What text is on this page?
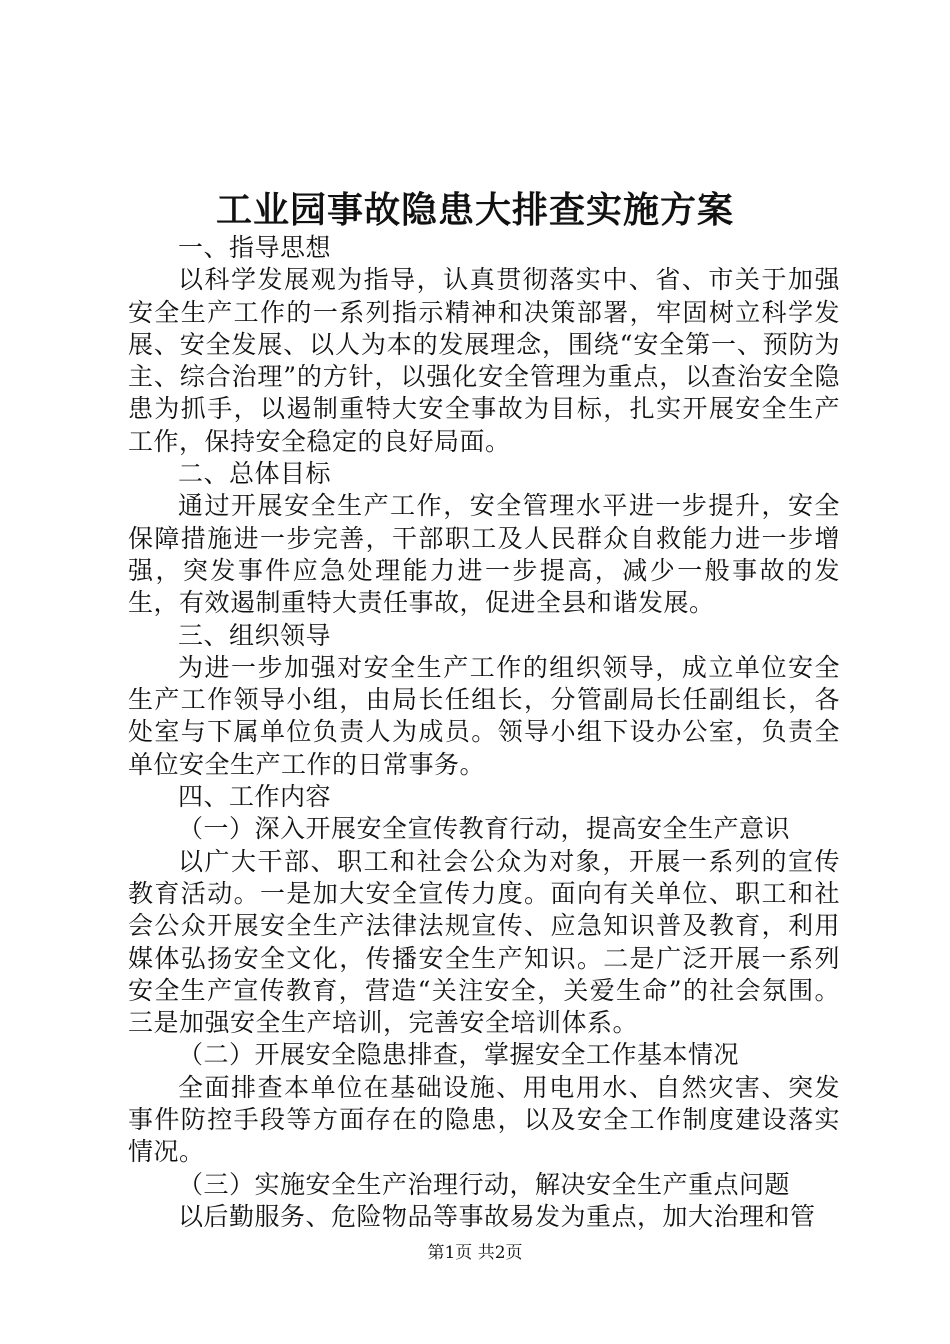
工业园事故隐患大排查实施方案

一、指导思想

以科学发展观为指导，认真贯彻落实中、省、市关于加强安全生产工作的一系列指示精神和决策部署，牢固树立科学发展、安全发展、以人为本的发展理念，围绕“安全第一、预防为主、综合治理”的方针，以强化安全管理为重点，以查治安全隐患为抓手，以遏制重特大安全事故为目标，扎实开展安全生产工作，保持安全稳定的良好局面。

二、总体目标

通过开展安全生产工作，安全管理水平进一步提升，安全保障措施进一步完善，干部职工及人民群众自救能力进一步增强，突发事件应急处理能力进一步提高，减少一般事故的发生，有效遏制重特大责任事故，促进全县和谐发展。

三、组织领导

为进一步加强对安全生产工作的组织领导，成立单位安全生产工作领导小组，由局长任组长，分管副局长任副组长，各处室与下属单位负责人为成员。领导小组下设办公室，负责全单位安全生产工作的日常事务。

四、工作内容

（一）深入开展安全宣传教育行动，提高安全生产意识

以广大干部、职工和社会公众为对象，开展一系列的宣传教育活动。一是加大安全宣传力度。面向有关单位、职工和社会公众开展安全生产法律法规宣传、应急知识普及教育，利用媒体弘扬安全文化，传播安全生产知识。二是广泛开展一系列安全生产宣传教育，营造“关注安全，关爱生命”的社会氛围。三是加强安全生产培训，完善安全培训体系。

（二）开展安全隐患排查，掌握安全工作基本情况

全面排查本单位在基础设施、用电用水、自然灾害、突发事件防控手段等方面存在的隐患，以及安全工作制度建设落实情况。

（三）实施安全生产治理行动，解决安全生产重点问题

以后勤服务、危险物品等事故易发为重点，加大治理和管

第1页 共2页
